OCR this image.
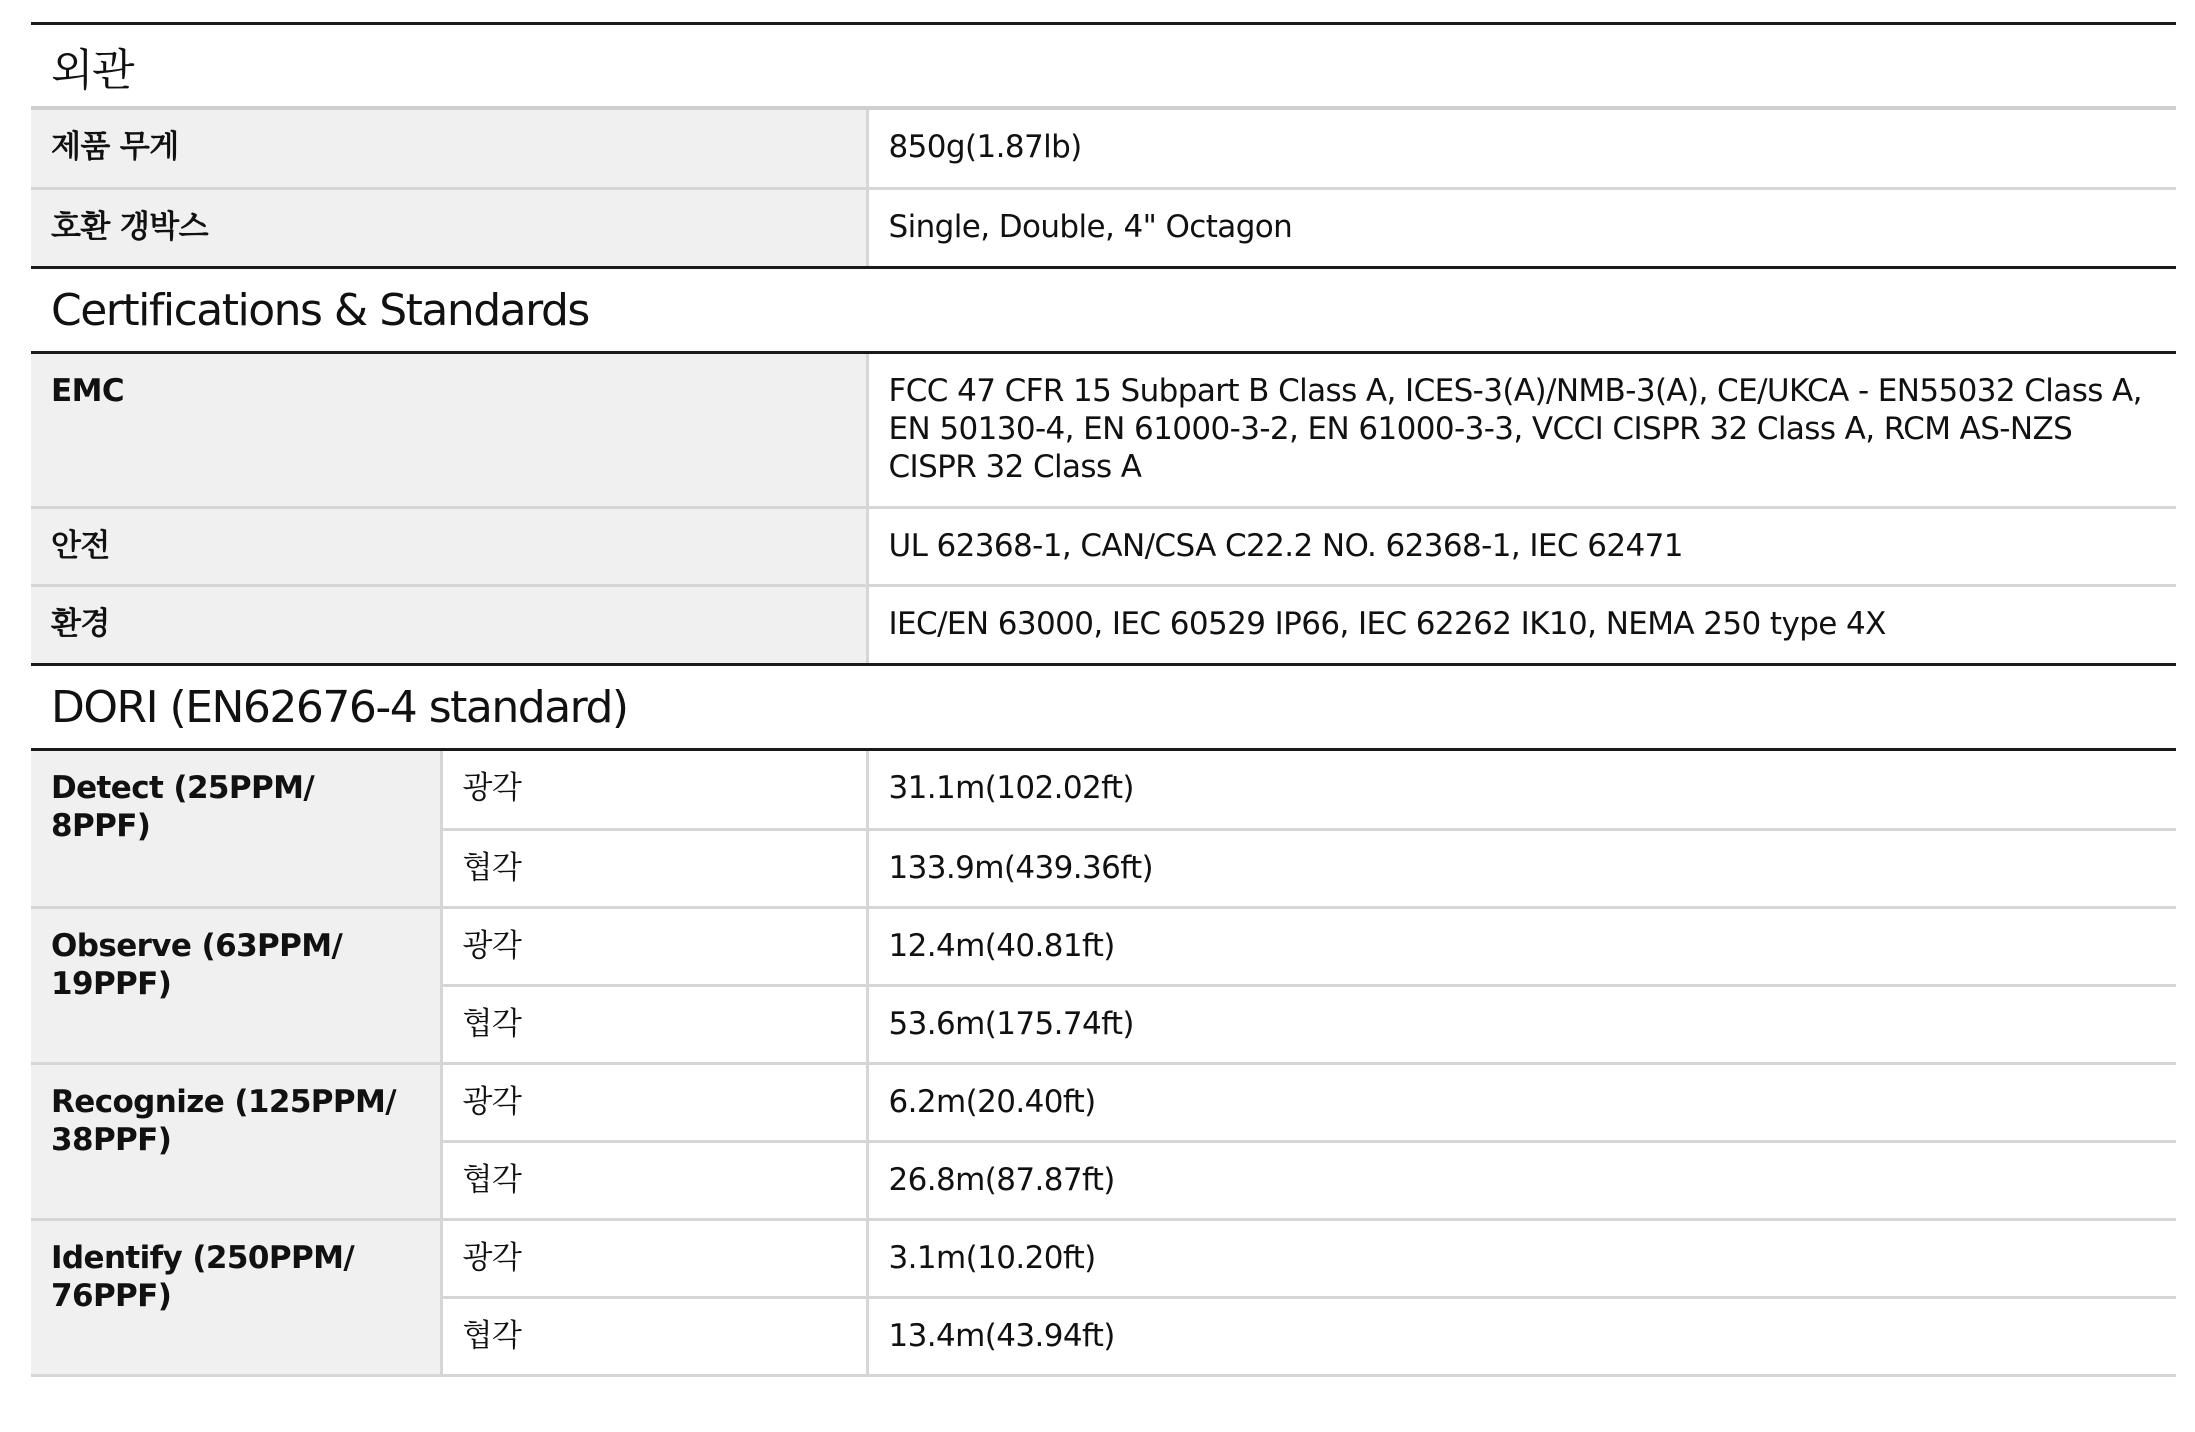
외관
제품 무게	850g(1.87lb)
호환 갱박스	Single, Double, 4" Octagon
Certifications & Standards
EMC	FCC 47 CFR 15 Subpart B Class A, ICES-3(A)/NMB-3(A), CE/UKCA - EN55032 Class A, EN 50130-4, EN 61000-3-2, EN 61000-3-3, VCCI CISPR 32 Class A, RCM AS-NZS CISPR 32 Class A
안전	UL 62368-1, CAN/CSA C22.2 NO. 62368-1, IEC 62471
환경	IEC/EN 63000, IEC 60529 IP66, IEC 62262 IK10, NEMA 250 type 4X
DORI (EN62676-4 standard)
Detect (25PPM/ 8PPF)	광각	31.1m(102.02ft)
	협각	133.9m(439.36ft)
Observe (63PPM/ 19PPF)	광각	12.4m(40.81ft)
	협각	53.6m(175.74ft)
Recognize (125PPM/ 38PPF)	광각	6.2m(20.40ft)
	협각	26.8m(87.87ft)
Identify (250PPM/ 76PPF)	광각	3.1m(10.20ft)
	협각	13.4m(43.94ft)
